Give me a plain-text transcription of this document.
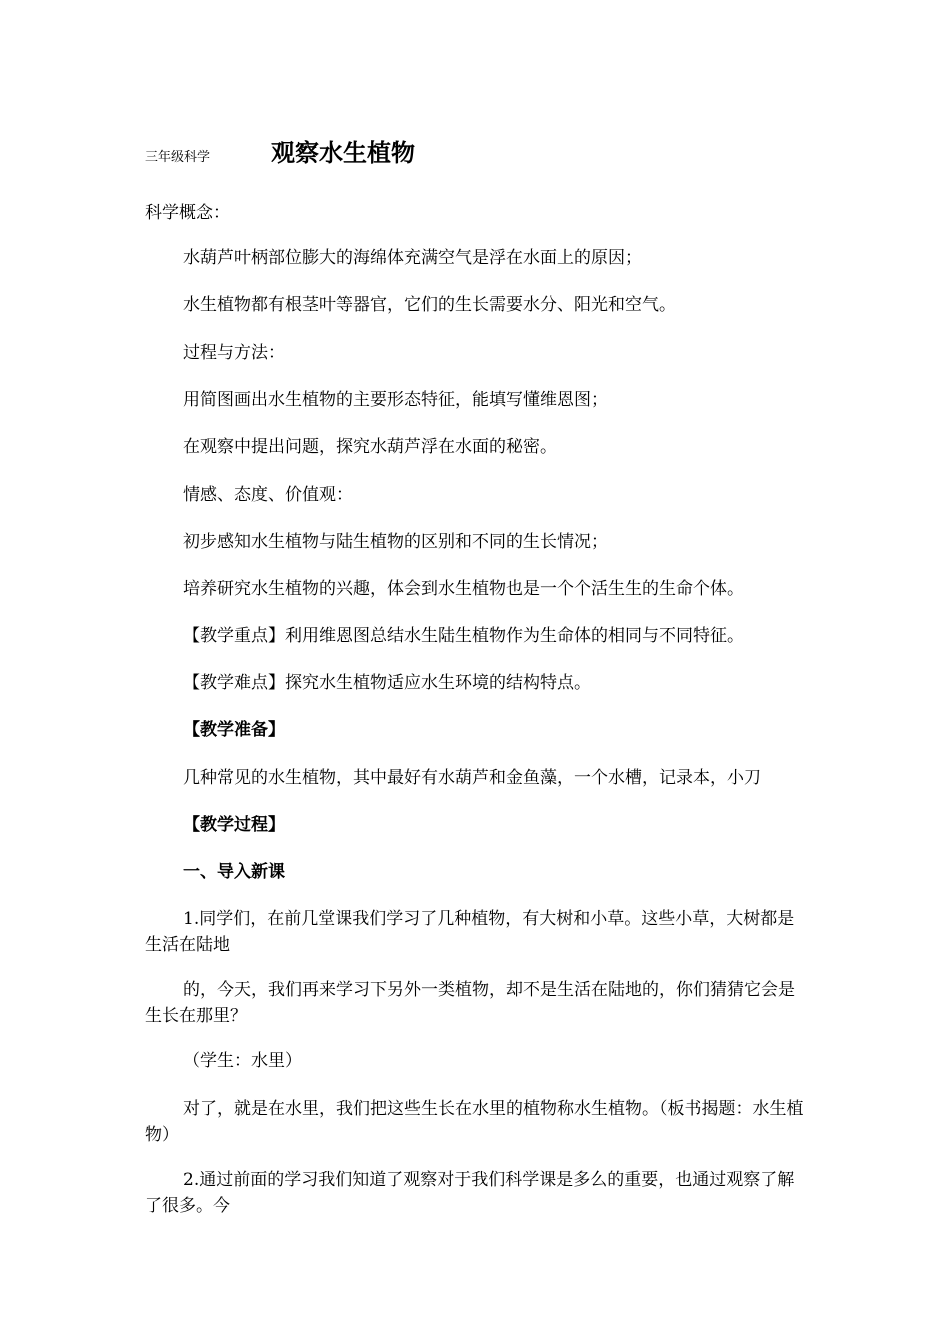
三年级科学	观察水生植物
科学概念：
水葫芦叶柄部位膨大的海绵体充满空气是浮在水面上的原因；
水生植物都有根茎叶等器官，它们的生长需要水分、阳光和空气。
过程与方法：
用简图画出水生植物的主要形态特征，能填写懂维恩图；
在观察中提出问题，探究水葫芦浮在水面的秘密。
情感、态度、价值观：
初步感知水生植物与陆生植物的区别和不同的生长情况；
培养研究水生植物的兴趣，体会到水生植物也是一个个活生生的生命个体。
【教学重点】利用维恩图总结水生陆生植物作为生命体的相同与不同特征。
【教学难点】探究水生植物适应水生环境的结构特点。
【教学准备】
几种常见的水生植物，其中最好有水葫芦和金鱼藻，一个水槽，记录本，小刀
【教学过程】
一、导入新课
1.同学们，在前几堂课我们学习了几种植物，有大树和小草。这些小草，大树都是生活在陆地
的，今天，我们再来学习下另外一类植物，却不是生活在陆地的，你们猜猜它会是生长在那里？
（学生：水里）
对了，就是在水里，我们把这些生长在水里的植物称水生植物。（板书揭题：水生植物）
2.通过前面的学习我们知道了观察对于我们科学课是多么的重要，也通过观察了解了很多。今
